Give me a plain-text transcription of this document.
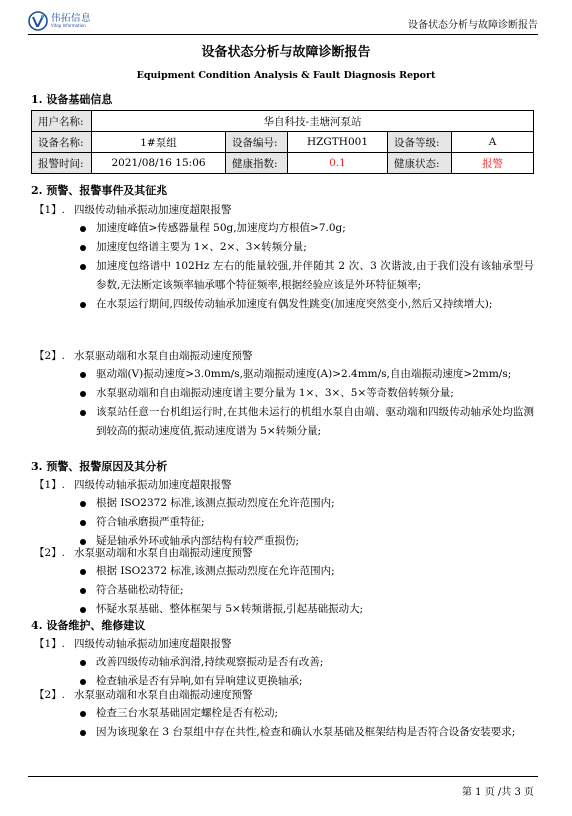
伟拓信息
Vitop Information	设备状态分析与故障诊断报告
设备状态分析与故障诊断报告
Equipment Condition Analysis & Fault Diagnosis Report
1. 设备基础信息
用户名称:	华自科技-圭塘河泵站				
设备名称:	1#泵组	设备编号:	HZGTH001	设备等级:	A
报警时间:	2021/08/16 15:06	健康指数:	0.1	健康状态:	报警
2. 预警、报警事件及其征兆
【1】. 四级传动轴承振动加速度超限报警
加速度峰值>传感器量程 50g,加速度均方根值>7.0g;
加速度包络谱主要为 1×、2×、3×转频分量;
加速度包络谱中 102Hz 左右的能量较强,并伴随其 2 次、3 次谐波,由于我们没有该轴承型号参数,无法断定该频率轴承哪个特征频率,根据经验应该是外环特征频率;
在水泵运行期间,四级传动轴承加速度有偶发性跳变(加速度突然变小,然后又持续增大);
【2】. 水泵驱动端和水泵自由端振动速度预警
驱动端(V)振动速度>3.0mm/s,驱动端振动速度(A)>2.4mm/s,自由端振动速度>2mm/s;
水泵驱动端和自由端振动速度谱主要分量为 1×、3×、5×等奇数倍转频分量;
该泵站任意一台机组运行时,在其他未运行的机组水泵自由端、驱动端和四级传动轴承处均监测到较高的振动速度值,振动速度谱为 5×转频分量;
3. 预警、报警原因及其分析
【1】. 四级传动轴承振动加速度超限报警
根据 ISO2372 标准,该测点振动烈度在允许范围内;
符合轴承磨损严重特征;
疑是轴承外环或轴承内部结构有较严重损伤;
【2】. 水泵驱动端和水泵自由端振动速度预警
根据 ISO2372 标准,该测点振动烈度在允许范围内;
符合基础松动特征;
怀疑水泵基础、整体框架与 5×转频谐振,引起基础振动大;
4. 设备维护、维修建议
【1】. 四级传动轴承振动加速度超限报警
改善四级传动轴承润滑,持续观察振动是否有改善;
检查轴承是否有异响,如有异响建议更换轴承;
【2】. 水泵驱动端和水泵自由端振动速度预警
检查三台水泵基础固定螺栓是否有松动;
因为该现象在 3 台泵组中存在共性,检查和确认水泵基础及框架结构是否符合设备安装要求;
第 1 页 /共 3 页
